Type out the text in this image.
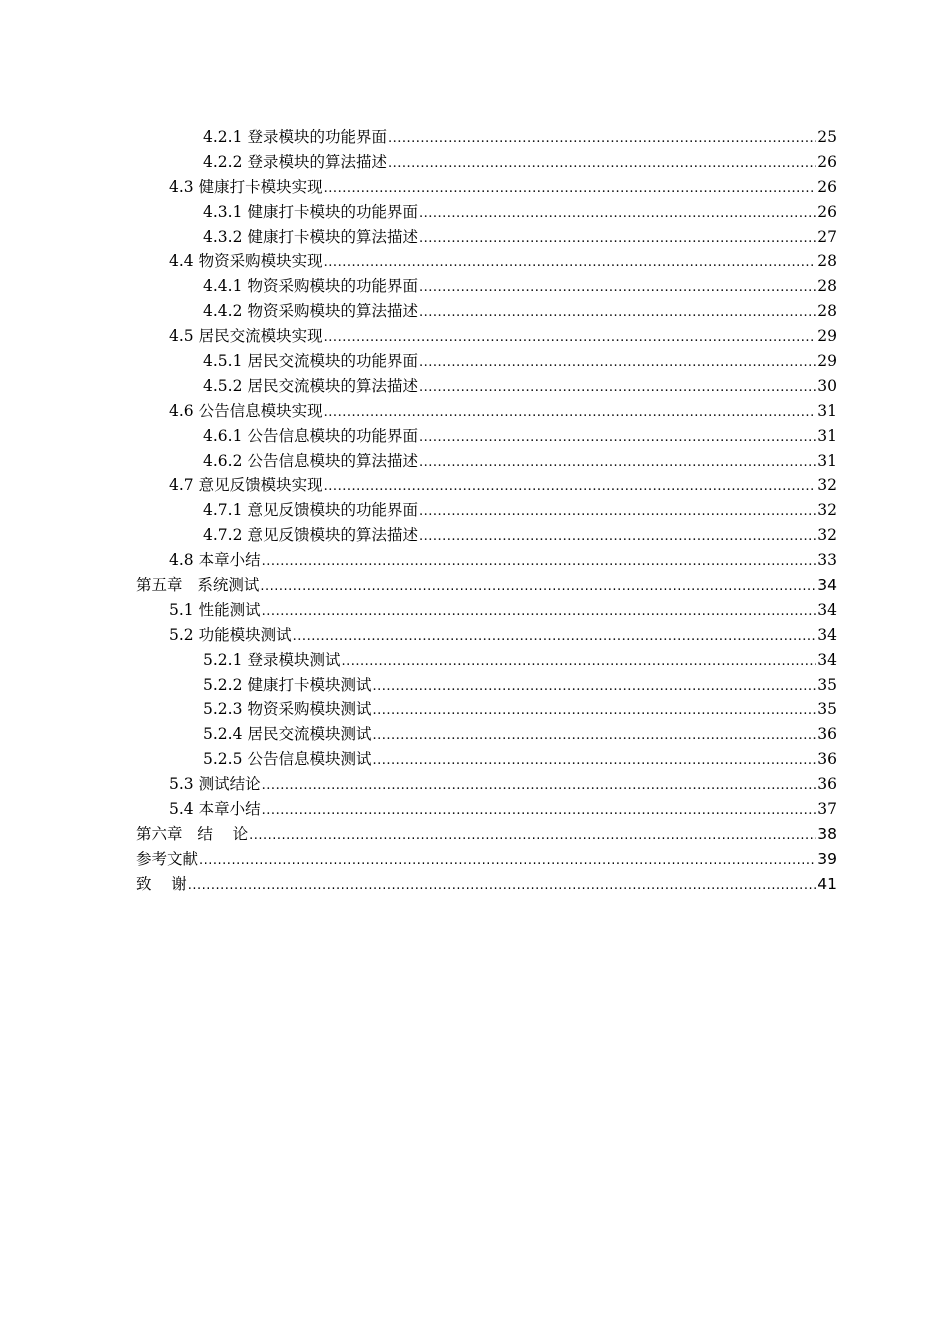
4.2.1 登录模块的功能界面 .....	25
4.2.2 登录模块的算法描述 .....	26
4.3 健康打卡模块实现 .....	26
4.3.1 健康打卡模块的功能界面 .....	26
4.3.2 健康打卡模块的算法描述 .....	27
4.4 物资采购模块实现 .....	28
4.4.1 物资采购模块的功能界面 .....	28
4.4.2 物资采购模块的算法描述 .....	28
4.5 居民交流模块实现 .....	29
4.5.1 居民交流模块的功能界面 .....	29
4.5.2 居民交流模块的算法描述 .....	30
4.6 公告信息模块实现 .....	31
4.6.1 公告信息模块的功能界面 .....	31
4.6.2 公告信息模块的算法描述 .....	31
4.7 意见反馈模块实现 .....	32
4.7.1 意见反馈模块的功能界面 .....	32
4.7.2 意见反馈模块的算法描述 .....	32
4.8 本章小结 .....	33
第五章 系统测试 .....	34
5.1 性能测试 .....	34
5.2 功能模块测试 .....	34
5.2.1 登录模块测试 .....	34
5.2.2 健康打卡模块测试 .....	35
5.2.3 物资采购模块测试 .....	35
5.2.4 居民交流模块测试 .....	36
5.2.5 公告信息模块测试 .....	36
5.3 测试结论 .....	36
5.4 本章小结 .....	37
第六章 结    论 .....	38
参考文献 .....	39
致    谢 .....	41
